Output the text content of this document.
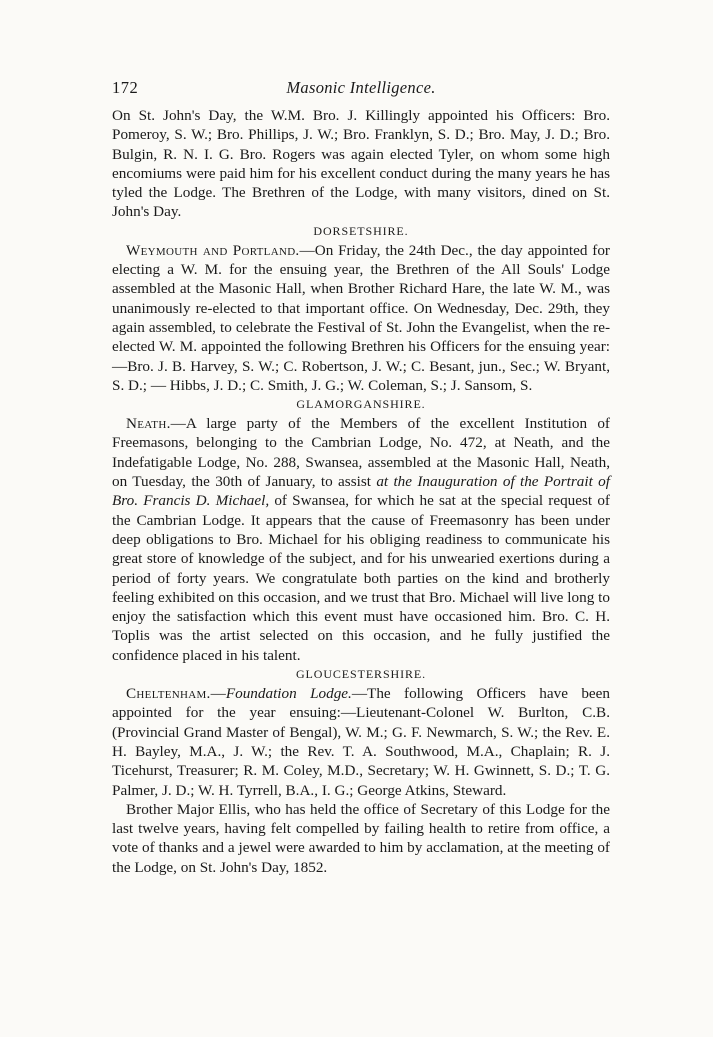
172	Masonic Intelligence.

On St. John's Day, the W.M. Bro. J. Killingly appointed his Officers: Bro. Pomeroy, S. W.; Bro. Phillips, J. W.; Bro. Franklyn, S. D.; Bro. May, J. D.; Bro. Bulgin, R. N. I. G. Bro. Rogers was again elected Tyler, on whom some high encomiums were paid him for his excellent conduct during the many years he has tyled the Lodge. The Brethren of the Lodge, with many visitors, dined on St. John's Day.

DORSETSHIRE.

Weymouth and Portland.—On Friday, the 24th Dec., the day appointed for electing a W. M. for the ensuing year, the Brethren of the All Souls' Lodge assembled at the Masonic Hall, when Brother Richard Hare, the late W. M., was unanimously re-elected to that important office. On Wednesday, Dec. 29th, they again assembled, to celebrate the Festival of St. John the Evangelist, when the re-elected W. M. appointed the following Brethren his Officers for the ensuing year:—Bro. J. B. Harvey, S. W.; C. Robertson, J. W.; C. Besant, jun., Sec.; W. Bryant, S. D.; — Hibbs, J. D.; C. Smith, J. G.; W. Coleman, S.; J. Sansom, S.

GLAMORGANSHIRE.

Neath.—A large party of the Members of the excellent Institution of Freemasons, belonging to the Cambrian Lodge, No. 472, at Neath, and the Indefatigable Lodge, No. 288, Swansea, assembled at the Masonic Hall, Neath, on Tuesday, the 30th of January, to assist at the Inauguration of the Portrait of Bro. Francis D. Michael, of Swansea, for which he sat at the special request of the Cambrian Lodge. It appears that the cause of Freemasonry has been under deep obligations to Bro. Michael for his obliging readiness to communicate his great store of knowledge of the subject, and for his unwearied exertions during a period of forty years. We congratulate both parties on the kind and brotherly feeling exhibited on this occasion, and we trust that Bro. Michael will live long to enjoy the satisfaction which this event must have occasioned him. Bro. C. H. Toplis was the artist selected on this occasion, and he fully justified the confidence placed in his talent.

GLOUCESTERSHIRE.

Cheltenham.—Foundation Lodge.—The following Officers have been appointed for the year ensuing:—Lieutenant-Colonel W. Burlton, C.B. (Provincial Grand Master of Bengal), W. M.; G. F. Newmarch, S. W.; the Rev. E. H. Bayley, M.A., J. W.; the Rev. T. A. Southwood, M.A., Chaplain; R. J. Ticehurst, Treasurer; R. M. Coley, M.D., Secretary; W. H. Gwinnett, S. D.; T. G. Palmer, J. D.; W. H. Tyrrell, B.A., I. G.; George Atkins, Steward.

Brother Major Ellis, who has held the office of Secretary of this Lodge for the last twelve years, having felt compelled by failing health to retire from office, a vote of thanks and a jewel were awarded to him by acclamation, at the meeting of the Lodge, on St. John's Day, 1852.
